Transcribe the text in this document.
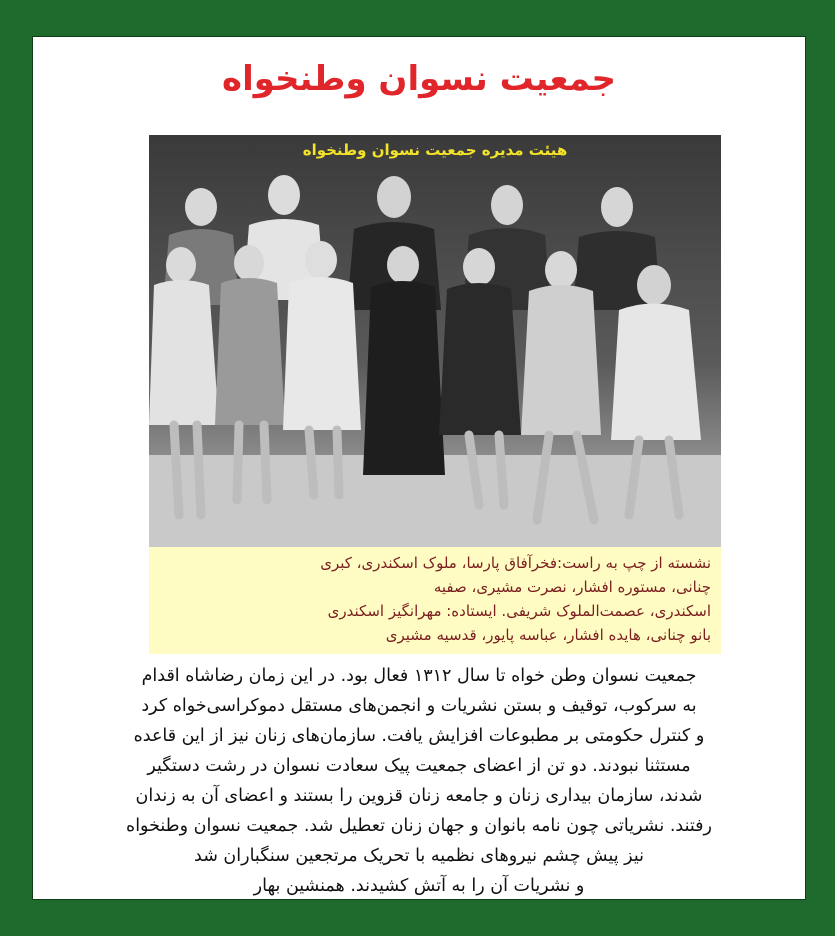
جمعیت نسوان وطنخواه
هیئت مدیره جمعیت نسوان وطنخواه
نشسته از چپ به راست:فخرآفاق پارسا، ملوک اسکندری، کبری
چنانی، مستوره افشار، نصرت مشیری، صفیه
اسکندری، عصمت‌الملوک شریفی. ایستاده: مهرانگیز اسکندری
بانو چنانی، هایده افشار، عباسه پایور، قدسیه مشیری
جمعیت نسوان وطن خواه تا سال ۱۳۱۲ فعال بود. در این زمان رضاشاه اقدام
به سرکوب، توقیف و بستن نشریات و انجمن‌های مستقل دموکراسی‌خواه کرد
و کنترل حکومتی بر مطبوعات افزایش یافت. سازمان‌های زنان نیز از این قاعده
مستثنا نبودند. دو تن از اعضای جمعیت پیک سعادت نسوان در رشت دستگیر
شدند، سازمان بیداری زنان و جامعه زنان قزوین را بستند و اعضای آن به زندان
رفتند. نشریاتی چون نامه بانوان و جهان زنان تعطیل شد. جمعیت نسوان وطنخواه
نیز پیش چشم نیروهای نظمیه با تحریک مرتجعین سنگباران شد
و نشریات آن را به آتش کشیدند. همنشین بهار
